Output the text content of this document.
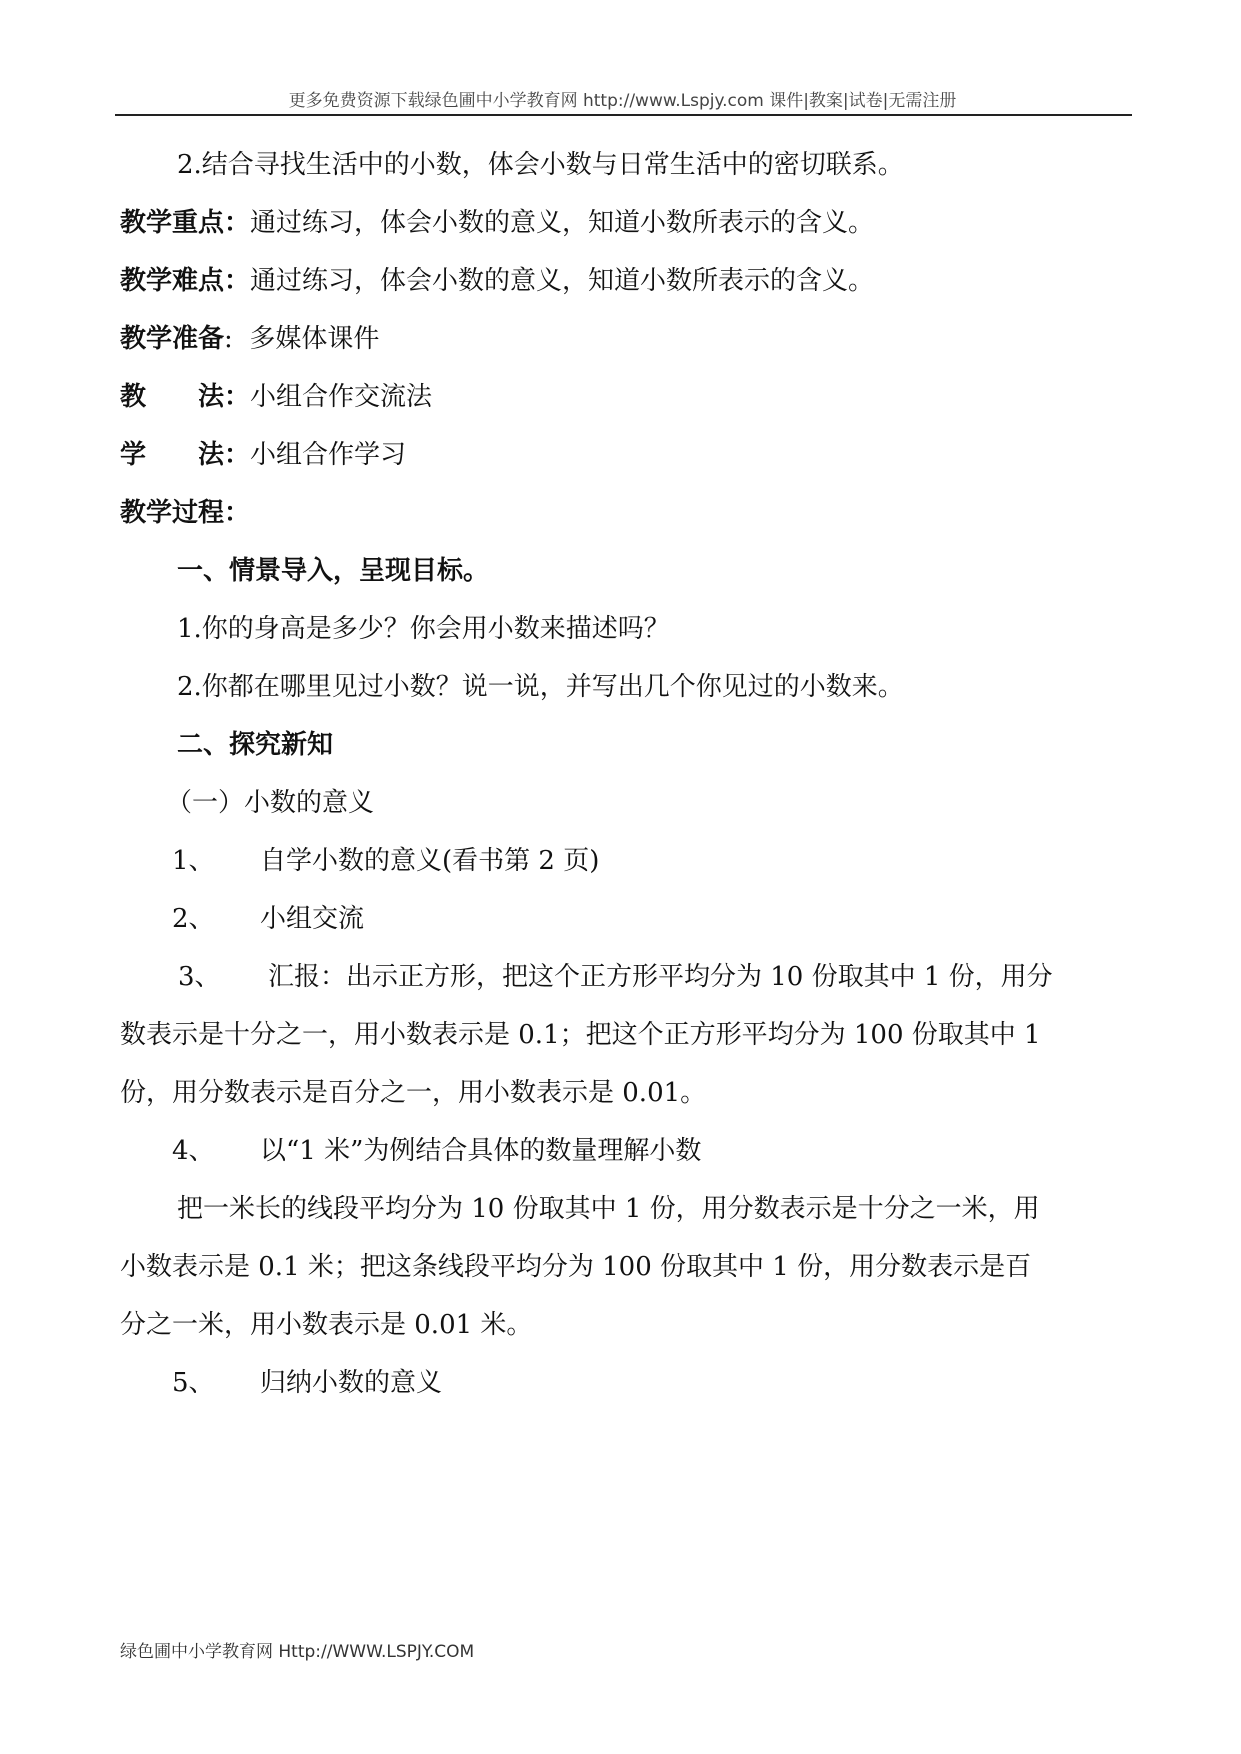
更多免费资源下载绿色圃中小学教育网 http://www.Lspjy.com 课件|教案|试卷|无需注册
2.结合寻找生活中的小数，体会小数与日常生活中的密切联系。
教学重点：通过练习，体会小数的意义，知道小数所表示的含义。
教学难点：通过练习，体会小数的意义，知道小数所表示的含义。
教学准备: 多媒体课件
教　　法：小组合作交流法
学　　法：小组合作学习
教学过程：
一、情景导入，呈现目标。
1.你的身高是多少？你会用小数来描述吗？
2.你都在哪里见过小数？说一说，并写出几个你见过的小数来。
二、探究新知
（一）小数的意义
1、 自学小数的意义(看书第 2 页)
2、 小组交流
3、 汇报：出示正方形，把这个正方形平均分为 10 份取其中 1 份，用分
数表示是十分之一，用小数表示是 0.1；把这个正方形平均分为 100 份取其中 1
份，用分数表示是百分之一，用小数表示是 0.01。
4、 以“1 米”为例结合具体的数量理解小数
把一米长的线段平均分为 10 份取其中 1 份，用分数表示是十分之一米，用
小数表示是 0.1 米；把这条线段平均分为 100 份取其中 1 份，用分数表示是百
分之一米，用小数表示是 0.01 米。
5、 归纳小数的意义
绿色圃中小学教育网 Http://WWW.LSPJY.COM
